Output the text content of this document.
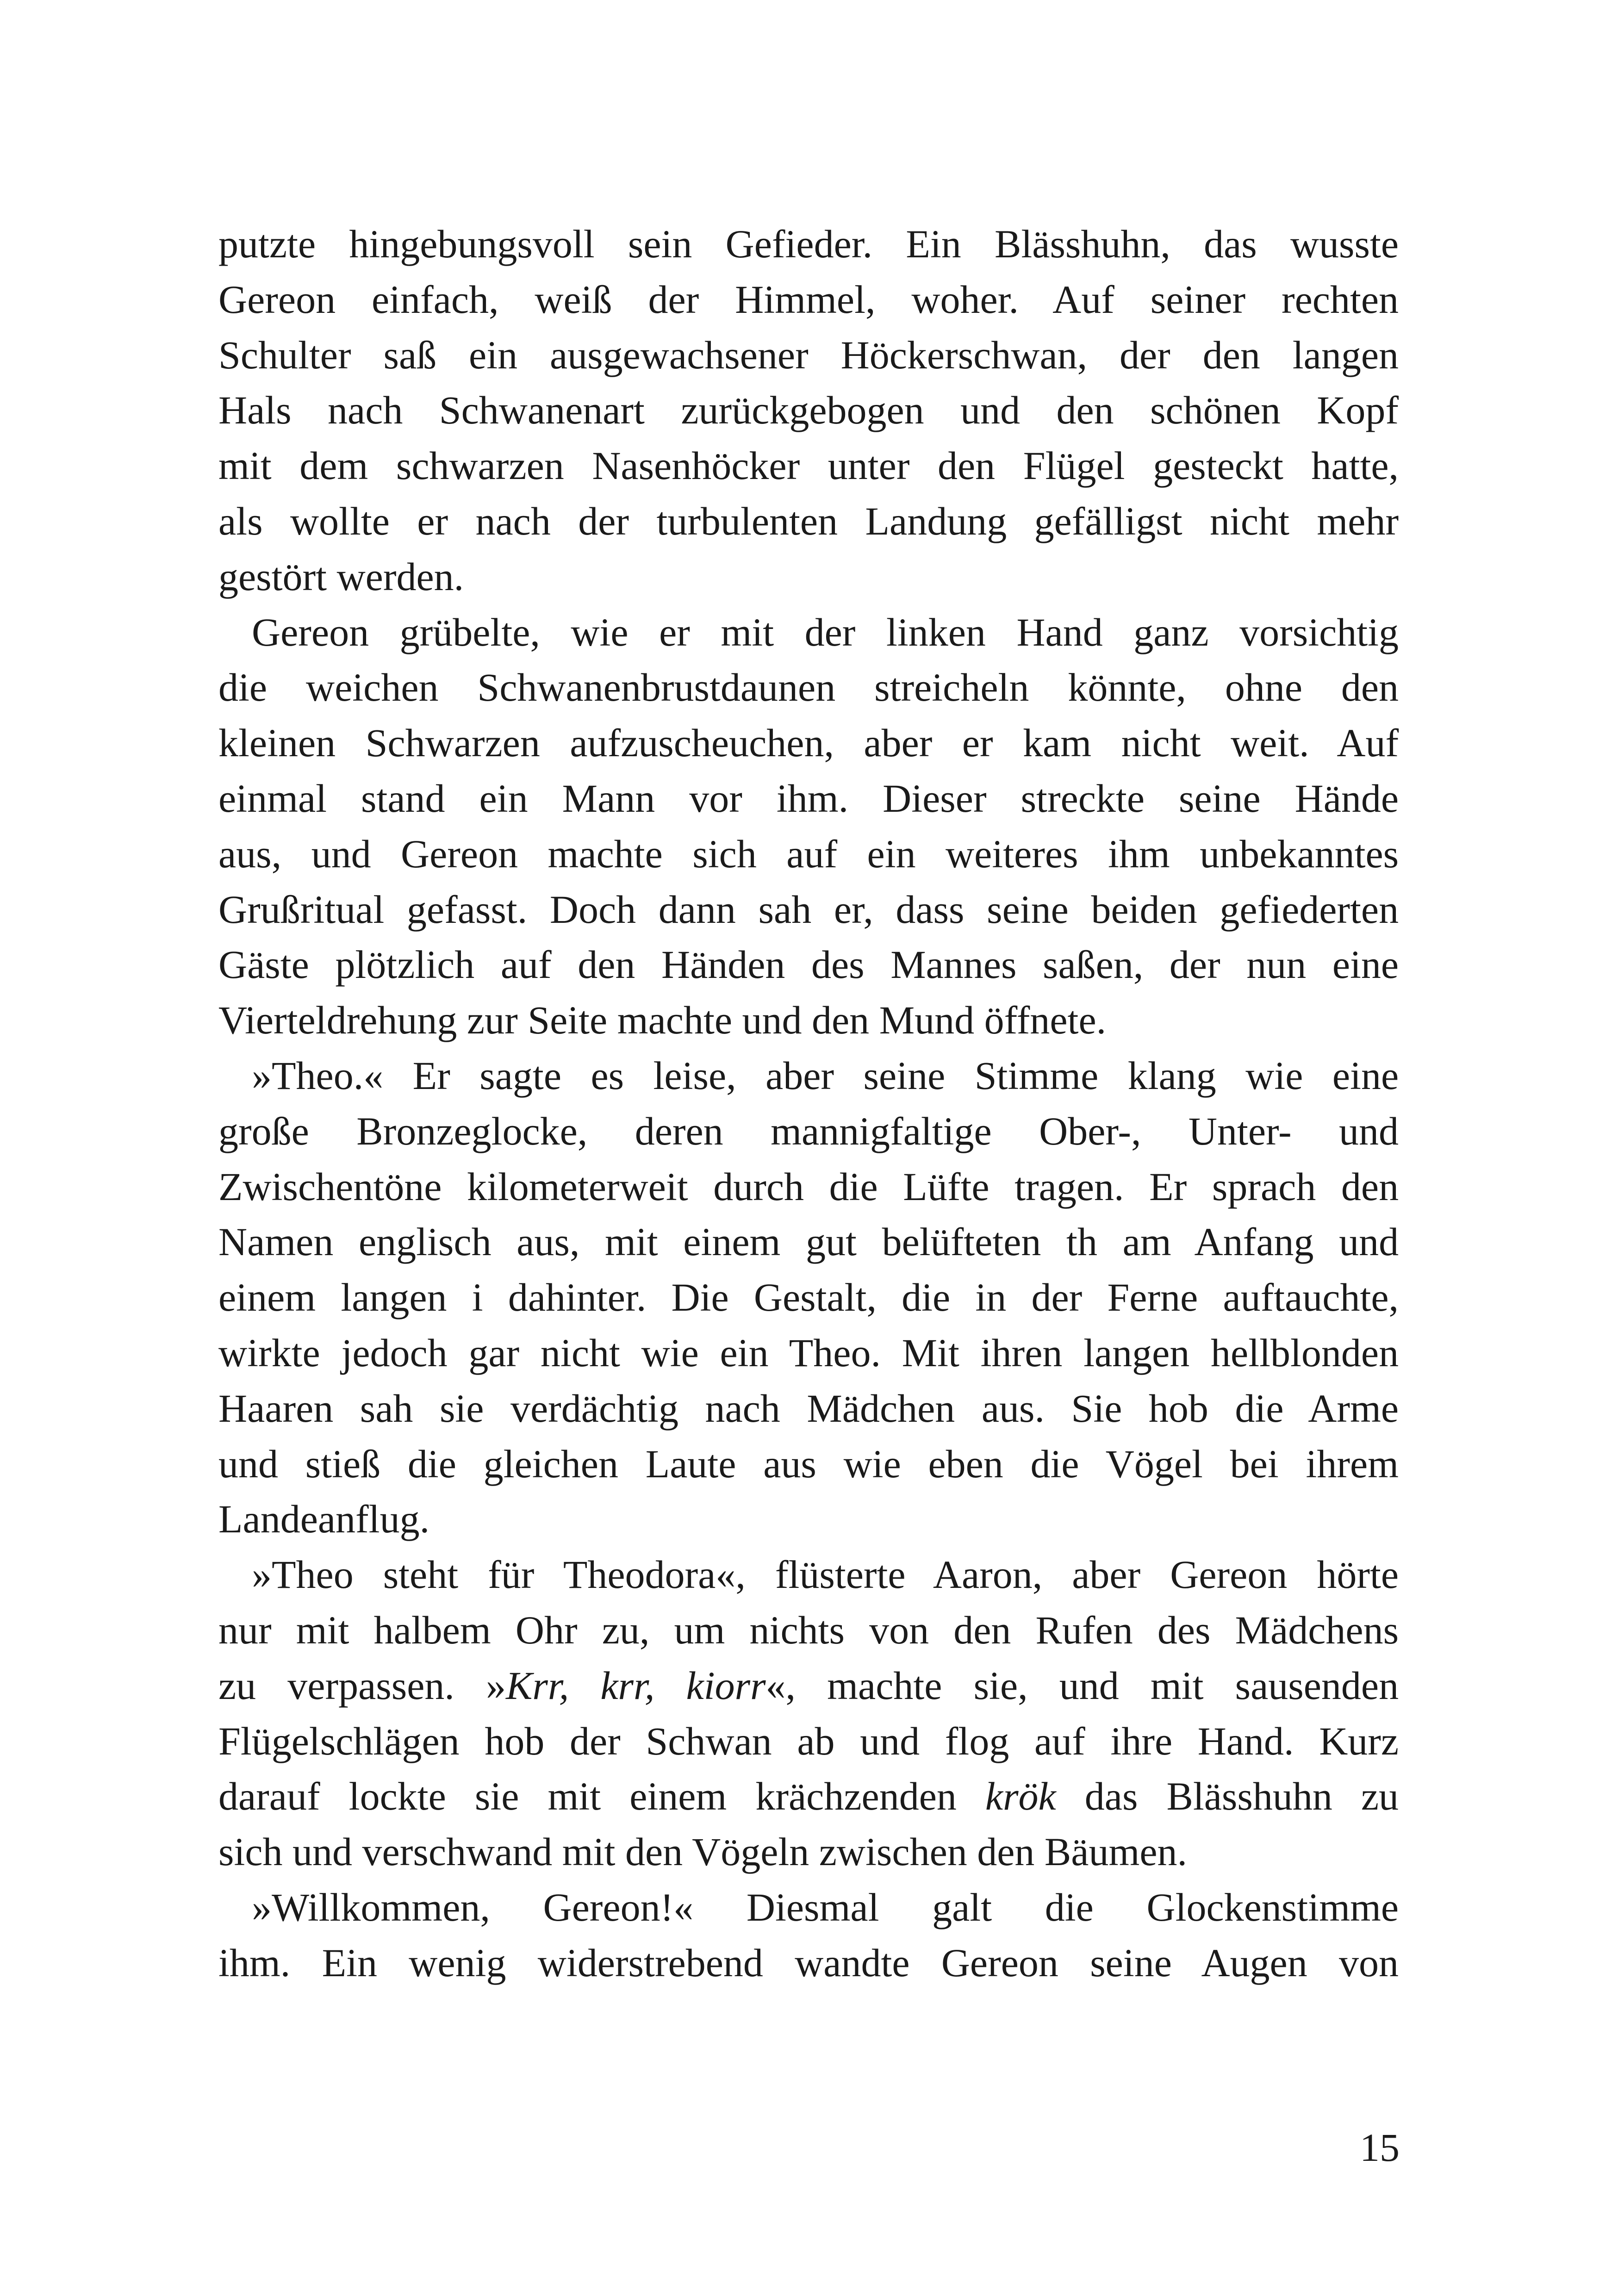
putzte hingebungsvoll sein Gefieder. Ein Blässhuhn, das wusste
Gereon einfach, weiß der Himmel, woher. Auf seiner rechten
Schulter saß ein ausgewachsener Höckerschwan, der den langen
Hals nach Schwanenart zurückgebogen und den schönen Kopf
mit dem schwarzen Nasenhöcker unter den Flügel gesteckt hatte,
als wollte er nach der turbulenten Landung gefälligst nicht mehr
gestört werden.
Gereon grübelte, wie er mit der linken Hand ganz vorsichtig
die weichen Schwanenbrustdaunen streicheln könnte, ohne den
kleinen Schwarzen aufzuscheuchen, aber er kam nicht weit. Auf
einmal stand ein Mann vor ihm. Dieser streckte seine Hände
aus, und Gereon machte sich auf ein weiteres ihm unbekanntes
Grußritual gefasst. Doch dann sah er, dass seine beiden gefiederten
Gäste plötzlich auf den Händen des Mannes saßen, der nun eine
Vierteldrehung zur Seite machte und den Mund öffnete.
»Theo.« Er sagte es leise, aber seine Stimme klang wie eine
große Bronzeglocke, deren mannigfaltige Ober-, Unter- und
Zwischentöne kilometerweit durch die Lüfte tragen. Er sprach den
Namen englisch aus, mit einem gut belüfteten th am Anfang und
einem langen i dahinter. Die Gestalt, die in der Ferne auftauchte,
wirkte jedoch gar nicht wie ein Theo. Mit ihren langen hellblonden
Haaren sah sie verdächtig nach Mädchen aus. Sie hob die Arme
und stieß die gleichen Laute aus wie eben die Vögel bei ihrem
Landeanflug.
»Theo steht für Theodora«, flüsterte Aaron, aber Gereon hörte
nur mit halbem Ohr zu, um nichts von den Rufen des Mädchens
zu verpassen. »Krr, krr, kiorr«, machte sie, und mit sausenden
Flügelschlägen hob der Schwan ab und flog auf ihre Hand. Kurz
darauf lockte sie mit einem krächzenden krök das Blässhuhn zu
sich und verschwand mit den Vögeln zwischen den Bäumen.
»Willkommen, Gereon!« Diesmal galt die Glockenstimme
ihm. Ein wenig widerstrebend wandte Gereon seine Augen von
15
